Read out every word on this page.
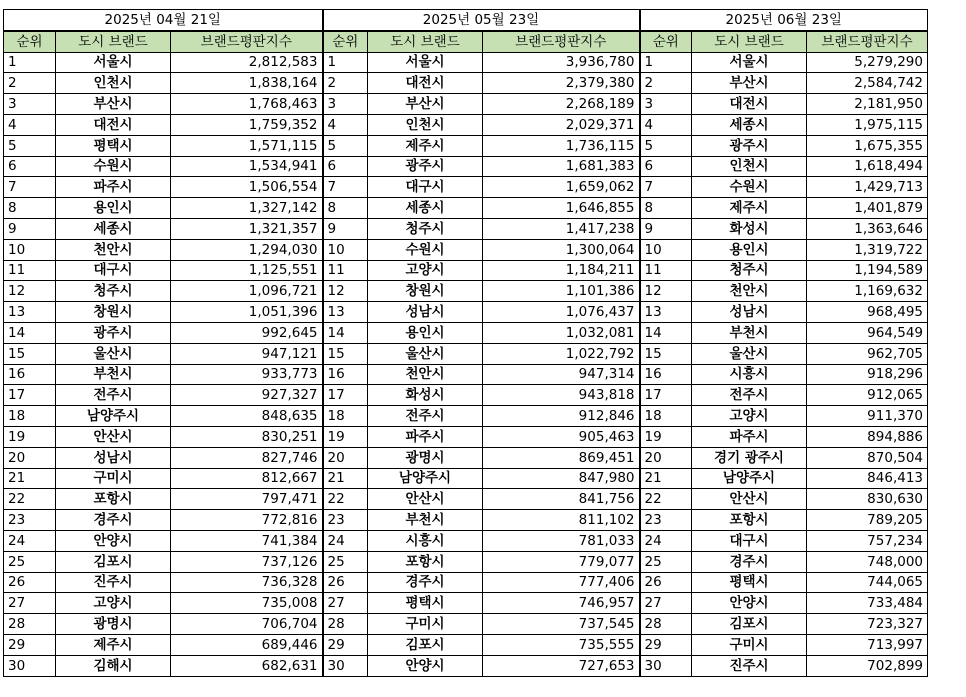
2025년 04월 21일			2025년 05월 23일			2025년 06월 23일		
순위	도시 브랜드	브랜드평판지수	순위	도시 브랜드	브랜드평판지수	순위	도시 브랜드	브랜드평판지수
1	서울시	2,812,583	1	서울시	3,936,780	1	서울시	5,279,290
2	인천시	1,838,164	2	대전시	2,379,380	2	부산시	2,584,742
3	부산시	1,768,463	3	부산시	2,268,189	3	대전시	2,181,950
4	대전시	1,759,352	4	인천시	2,029,371	4	세종시	1,975,115
5	평택시	1,571,115	5	제주시	1,736,115	5	광주시	1,675,355
6	수원시	1,534,941	6	광주시	1,681,383	6	인천시	1,618,494
7	파주시	1,506,554	7	대구시	1,659,062	7	수원시	1,429,713
8	용인시	1,327,142	8	세종시	1,646,855	8	제주시	1,401,879
9	세종시	1,321,357	9	청주시	1,417,238	9	화성시	1,363,646
10	천안시	1,294,030	10	수원시	1,300,064	10	용인시	1,319,722
11	대구시	1,125,551	11	고양시	1,184,211	11	청주시	1,194,589
12	청주시	1,096,721	12	창원시	1,101,386	12	천안시	1,169,632
13	창원시	1,051,396	13	성남시	1,076,437	13	성남시	968,495
14	광주시	992,645	14	용인시	1,032,081	14	부천시	964,549
15	울산시	947,121	15	울산시	1,022,792	15	울산시	962,705
16	부천시	933,773	16	천안시	947,314	16	시흥시	918,296
17	전주시	927,327	17	화성시	943,818	17	전주시	912,065
18	남양주시	848,635	18	전주시	912,846	18	고양시	911,370
19	안산시	830,251	19	파주시	905,463	19	파주시	894,886
20	성남시	827,746	20	광명시	869,451	20	경기 광주시	870,504
21	구미시	812,667	21	남양주시	847,980	21	남양주시	846,413
22	포항시	797,471	22	안산시	841,756	22	안산시	830,630
23	경주시	772,816	23	부천시	811,102	23	포항시	789,205
24	안양시	741,384	24	시흥시	781,033	24	대구시	757,234
25	김포시	737,126	25	포항시	779,077	25	경주시	748,000
26	진주시	736,328	26	경주시	777,406	26	평택시	744,065
27	고양시	735,008	27	평택시	746,957	27	안양시	733,484
28	광명시	706,704	28	구미시	737,545	28	김포시	723,327
29	제주시	689,446	29	김포시	735,555	29	구미시	713,997
30	김해시	682,631	30	안양시	727,653	30	진주시	702,899
